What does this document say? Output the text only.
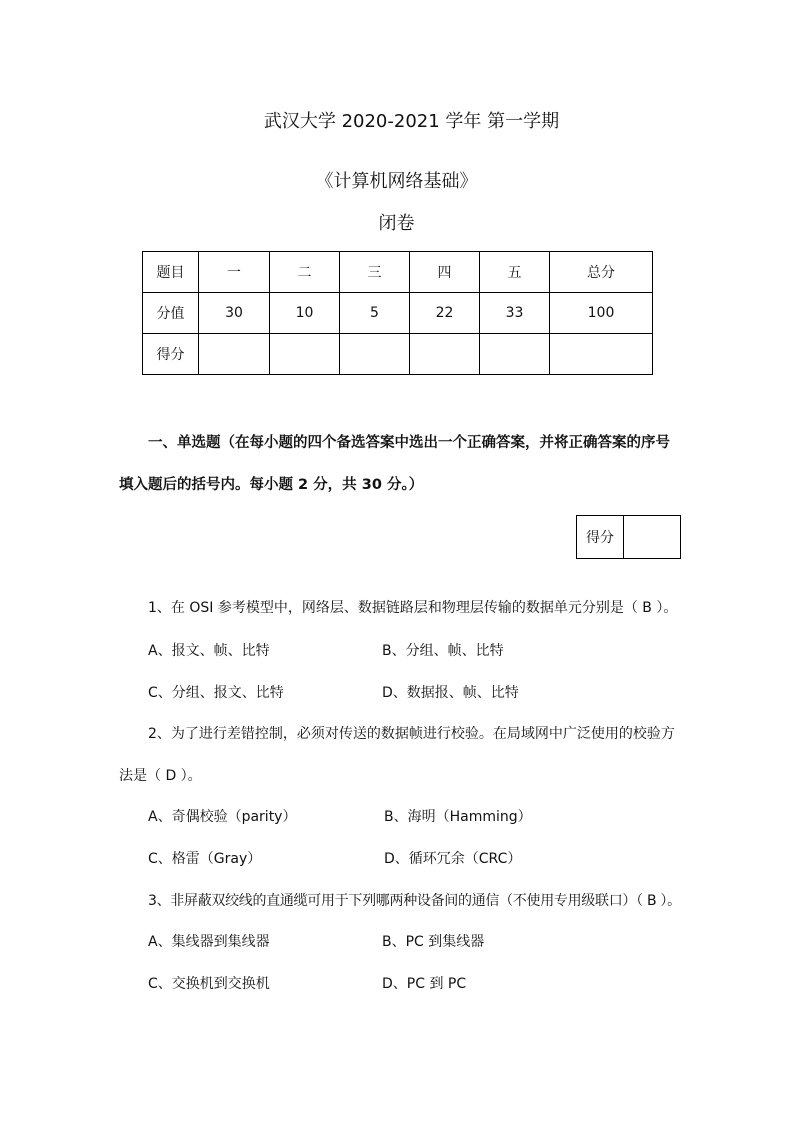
武汉大学 2020-2021 学年 第一学期
《计算机网络基础》
闭卷
题目	一	二	三	四	五	总分
分值	30	10	5	22	33	100
得分						
一、单选题（在每小题的四个备选答案中选出一个正确答案，并将正确答案的序号
填入题后的括号内。每小题 2 分，共 30 分。）
得分	
1、在 OSI 参考模型中，网络层、数据链路层和物理层传输的数据单元分别是（ B ）。
A、报文、帧、比特	B、分组、帧、比特
C、分组、报文、比特	D、数据报、帧、比特
2、为了进行差错控制，必须对传送的数据帧进行校验。在局域网中广泛使用的校验方
法是（ D ）。
A、奇偶校验（parity）	B、海明（Hamming）
C、格雷（Gray）	D、循环冗余（CRC）
3、非屏蔽双绞线的直通缆可用于下列哪两种设备间的通信（不使用专用级联口）（ B ）。
A、集线器到集线器	B、PC 到集线器
C、交换机到交换机	D、PC 到 PC
